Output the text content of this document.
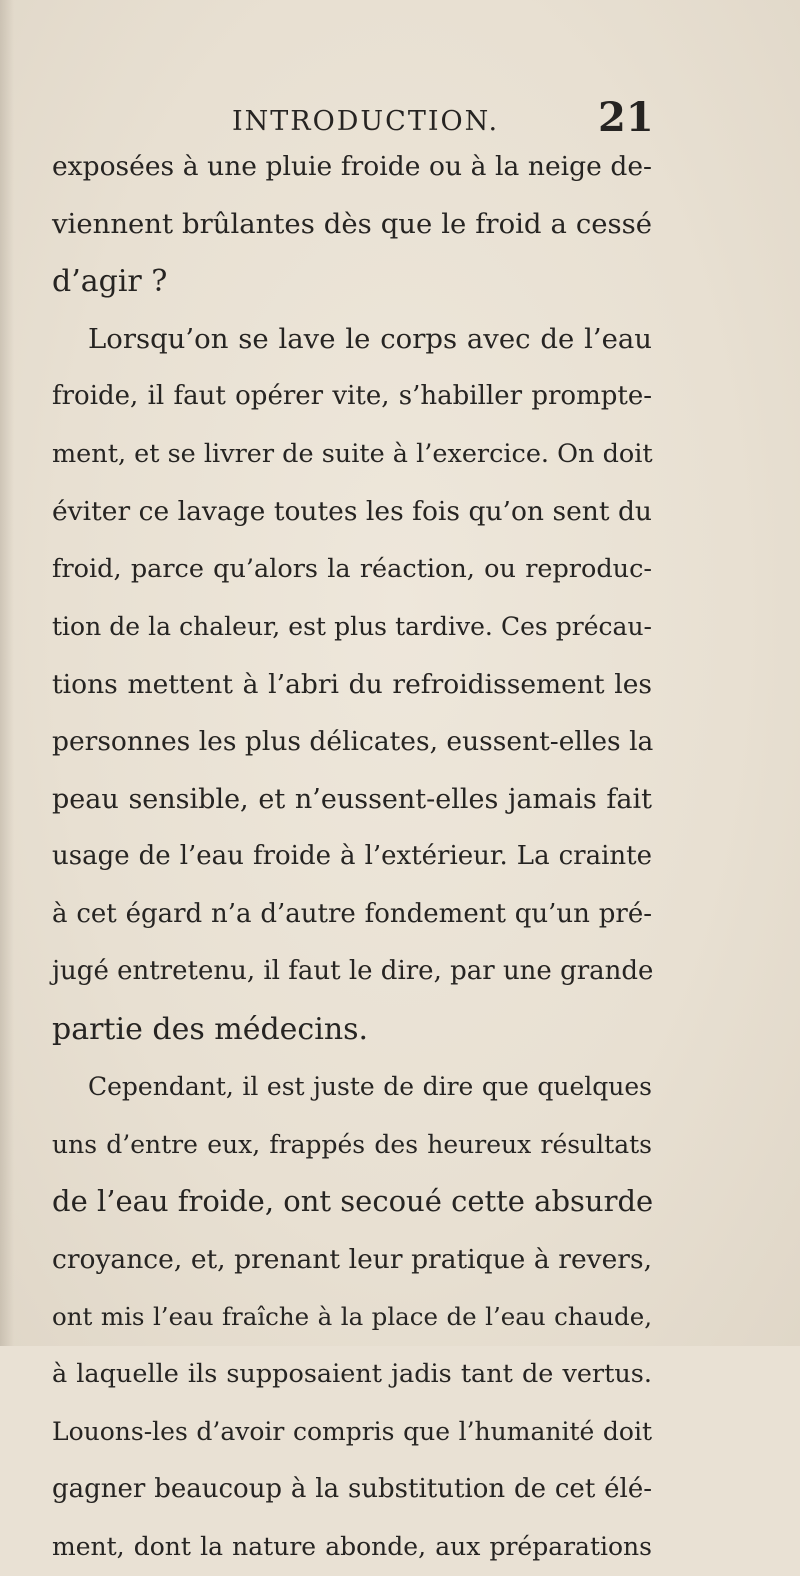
INTRODUCTION. 21
exposées à une pluie froide ou à la neige de-
viennent brûlantes dès que le froid a cessé
d’agir ?
Lorsqu’on se lave le corps avec de l’eau
froide, il faut opérer vite, s’habiller prompte-
ment, et se livrer de suite à l’exercice. On doit
éviter ce lavage toutes les fois qu’on sent du
froid, parce qu’alors la réaction, ou reproduc-
tion de la chaleur, est plus tardive. Ces précau-
tions mettent à l’abri du refroidissement les
personnes les plus délicates, eussent-elles la
peau sensible, et n’eussent-elles jamais fait
usage de l’eau froide à l’extérieur. La crainte
à cet égard n’a d’autre fondement qu’un pré-
jugé entretenu, il faut le dire, par une grande
partie des médecins.
Cependant, il est juste de dire que quelques
uns d’entre eux, frappés des heureux résultats
de l’eau froide, ont secoué cette absurde
croyance, et, prenant leur pratique à revers,
ont mis l’eau fraîche à la place de l’eau chaude,
à laquelle ils supposaient jadis tant de vertus.
Louons-les d’avoir compris que l’humanité doit
gagner beaucoup à la substitution de cet élé-
ment, dont la nature abonde, aux préparations
